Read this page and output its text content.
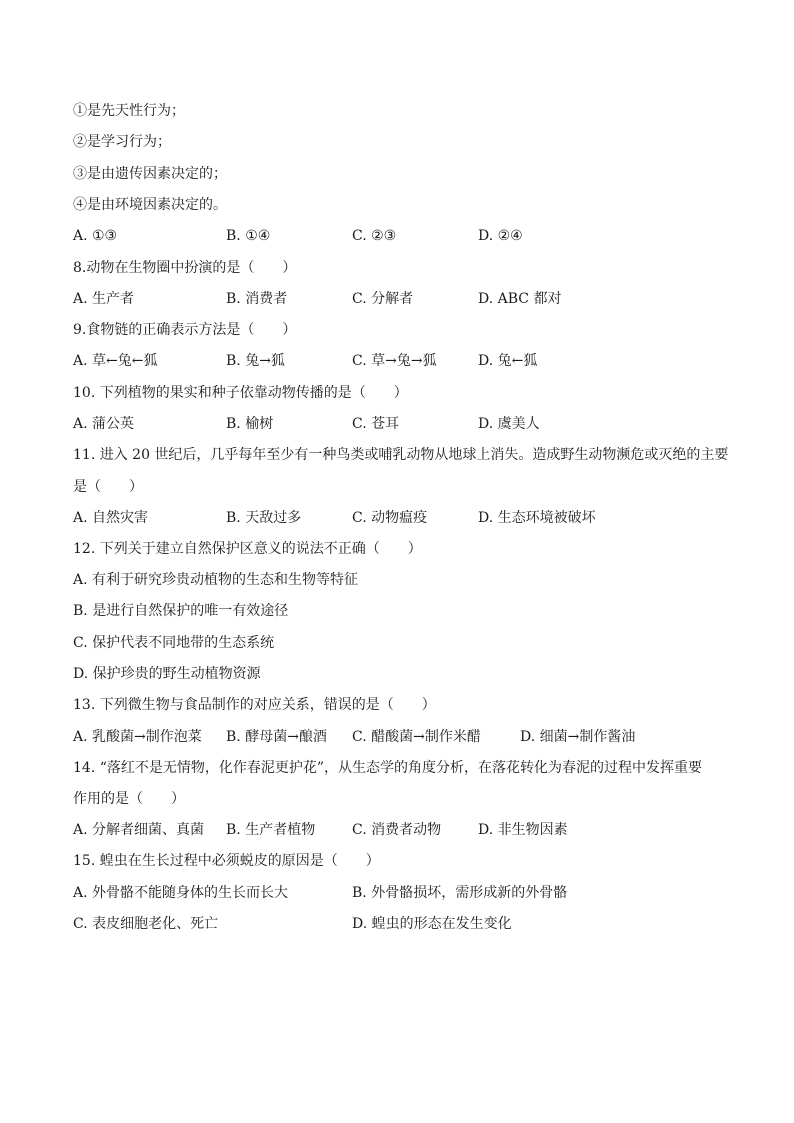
①是先天性行为；
②是学习行为；
③是由遗传因素决定的；
④是由环境因素决定的。
A. ①③	B. ①④	C. ②③	D. ②④
8.动物在生物圈中扮演的是（　　）
A. 生产者	B. 消费者	C. 分解者	D. ABC 都对
9.食物链的正确表示方法是（　　）
A. 草←兔←狐	B. 兔→狐	C. 草→兔→狐	D. 兔←狐
10. 下列植物的果实和种子依靠动物传播的是（　　）
A. 蒲公英	B. 榆树	C. 苍耳	D. 虞美人
11. 进入 20 世纪后，几乎每年至少有一种鸟类或哺乳动物从地球上消失。造成野生动物濒危或灭绝的主要
是（　　）
A. 自然灾害	B. 天敌过多	C. 动物瘟疫	D. 生态环境被破坏
12. 下列关于建立自然保护区意义的说法不正确（　　）
A. 有利于研究珍贵动植物的生态和生物等特征
B. 是进行自然保护的唯一有效途径
C. 保护代表不同地带的生态系统
D. 保护珍贵的野生动植物资源
13. 下列微生物与食品制作的对应关系，错误的是（　　）
A. 乳酸菌→制作泡菜 B. 酵母菌→酿酒 C. 醋酸菌→制作米醋	D. 细菌→制作酱油
14. “落红不是无情物，化作春泥更护花”，从生态学的角度分析，在落花转化为春泥的过程中发挥重要
作用的是（　　）
A. 分解者细菌、真菌 B. 生产者植物	C. 消费者动物	D. 非生物因素
15. 蝗虫在生长过程中必须蜕皮的原因是（　　）
A. 外骨骼不能随身体的生长而长大	B. 外骨骼损坏，需形成新的外骨骼
C. 表皮细胞老化、死亡	D. 蝗虫的形态在发生变化
